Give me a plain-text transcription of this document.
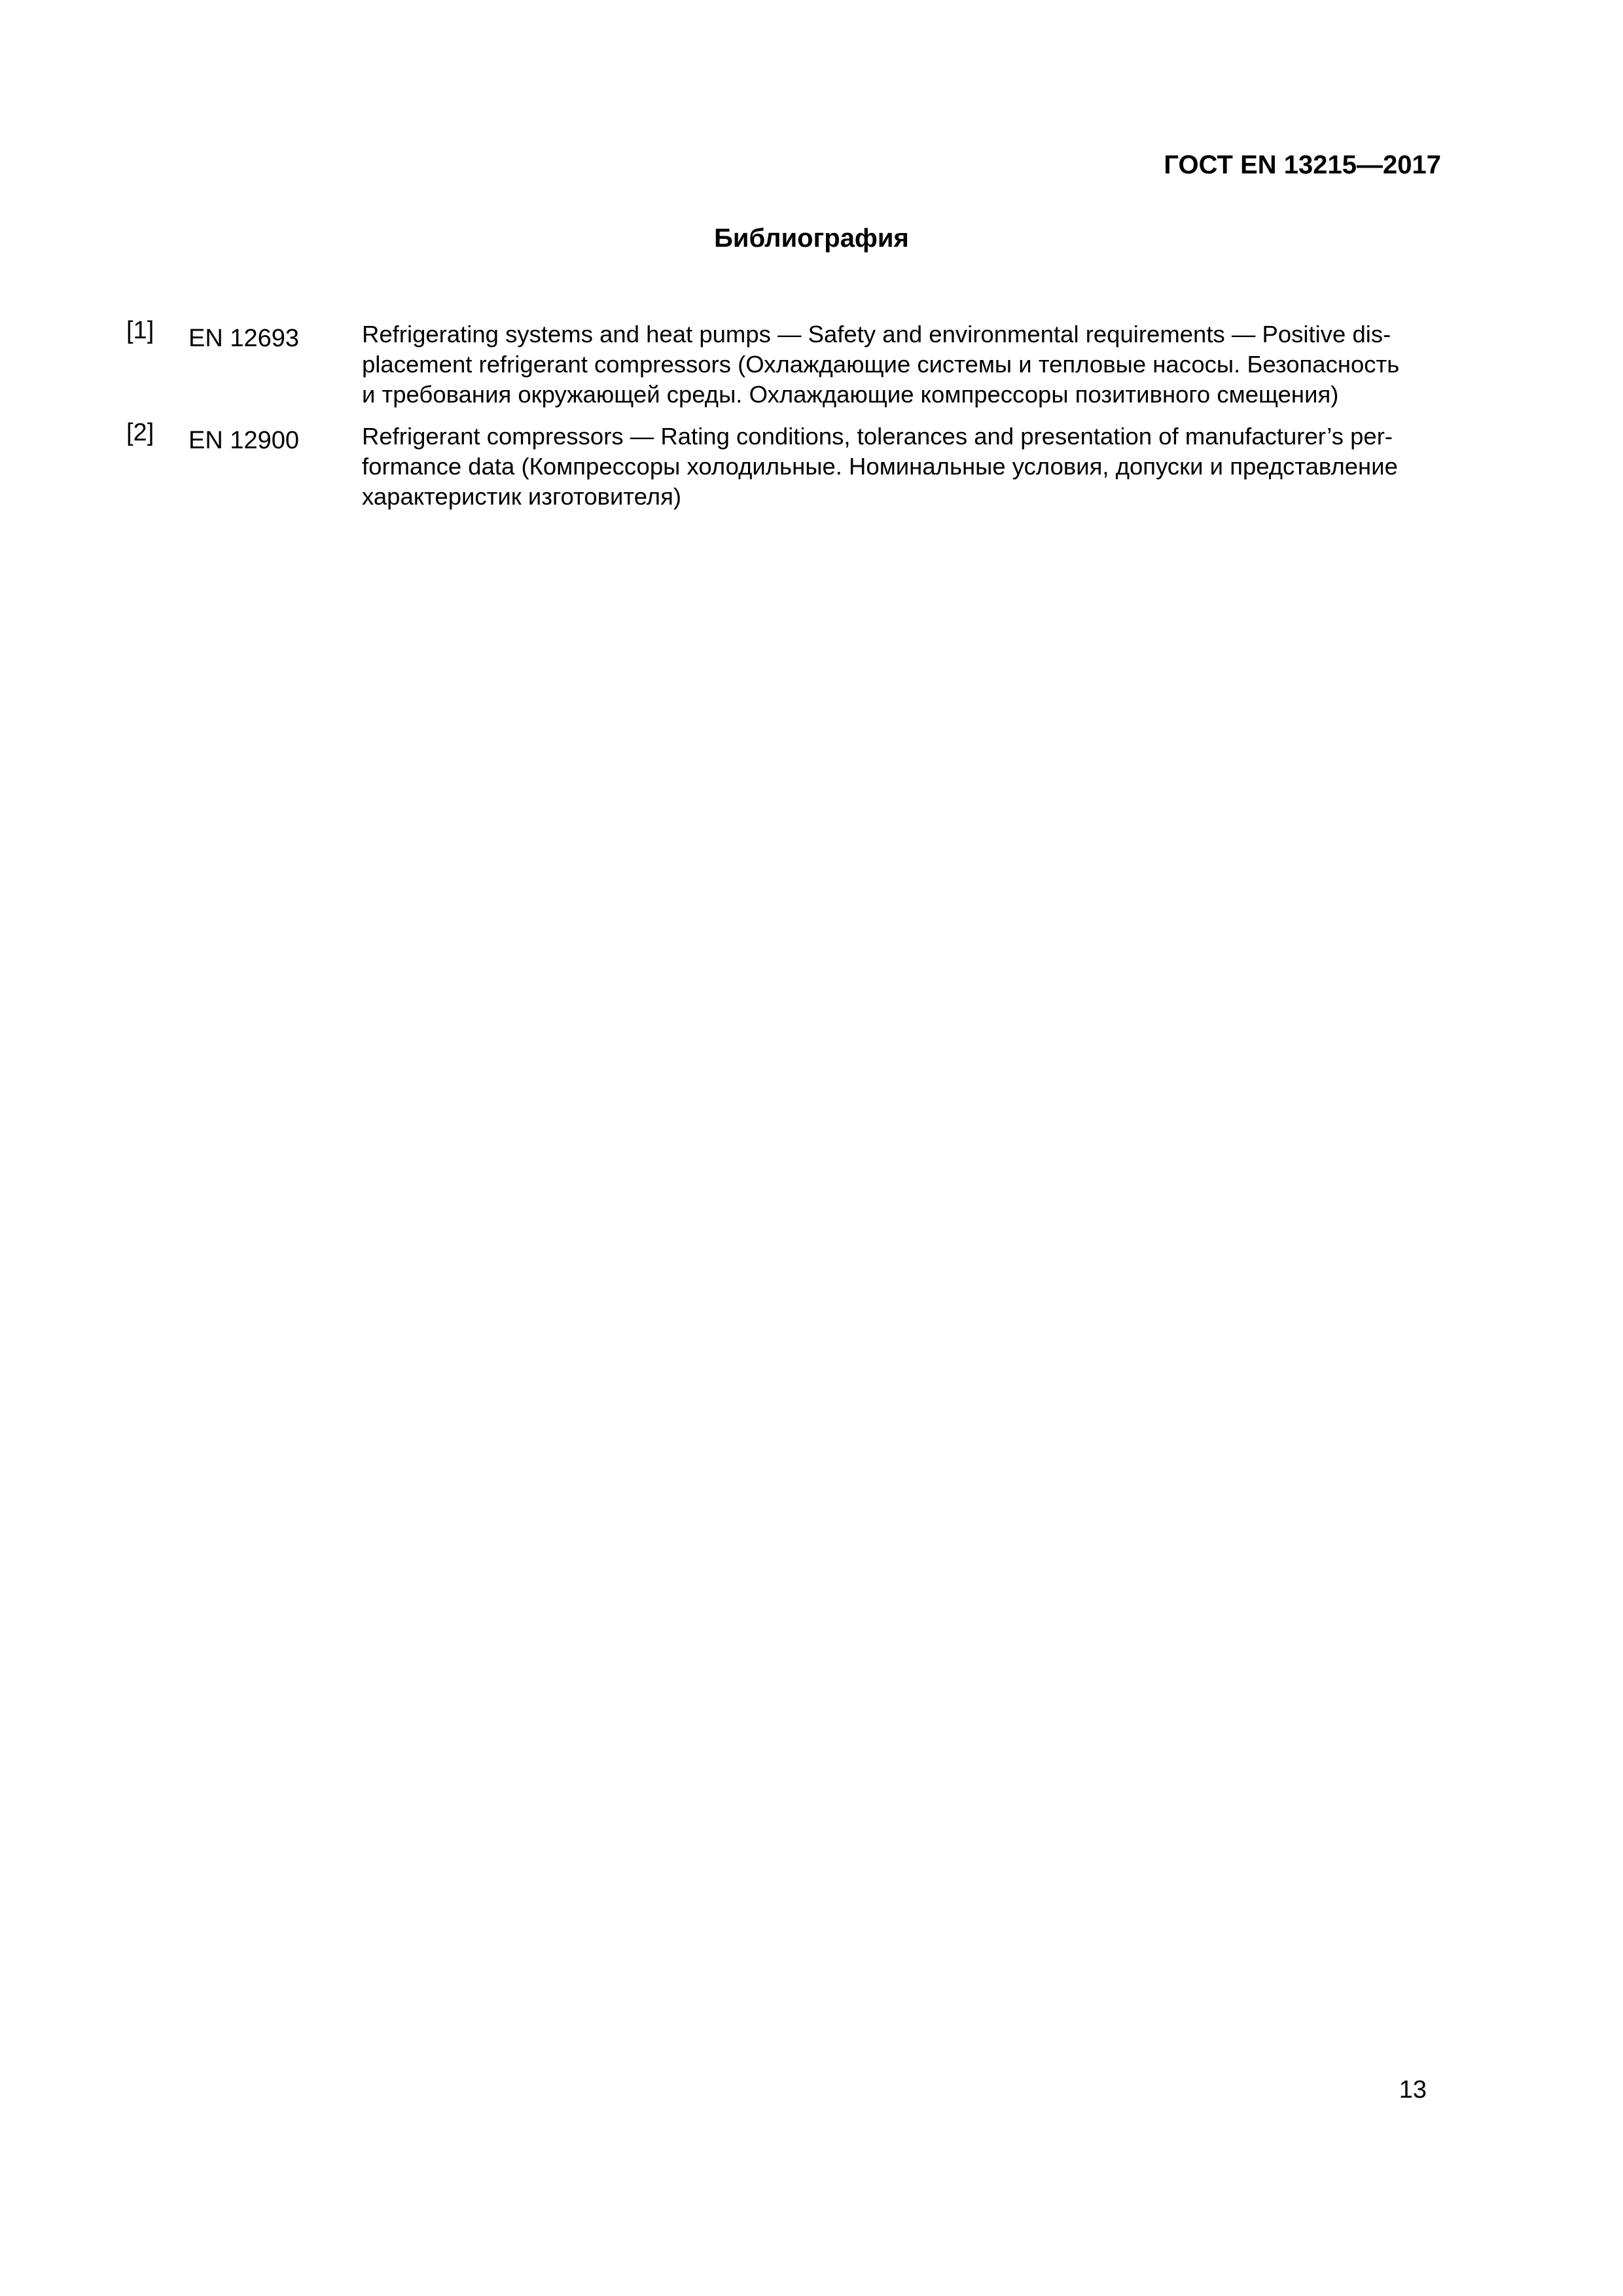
ГОСТ EN 13215—2017
Библиография
[1] EN 12693	Refrigerating systems and heat pumps — Safety and environmental requirements — Positive dis-
placement refrigerant compressors (Охлаждающие системы и тепловые насосы. Безопасность
и требования окружающей среды. Охлаждающие компрессоры позитивного смещения)
[2] EN 12900	Refrigerant compressors — Rating conditions, tolerances and presentation of manufacturer’s per-
formance data (Компрессоры холодильные. Номинальные условия, допуски и представление
характеристик изготовителя)
13
